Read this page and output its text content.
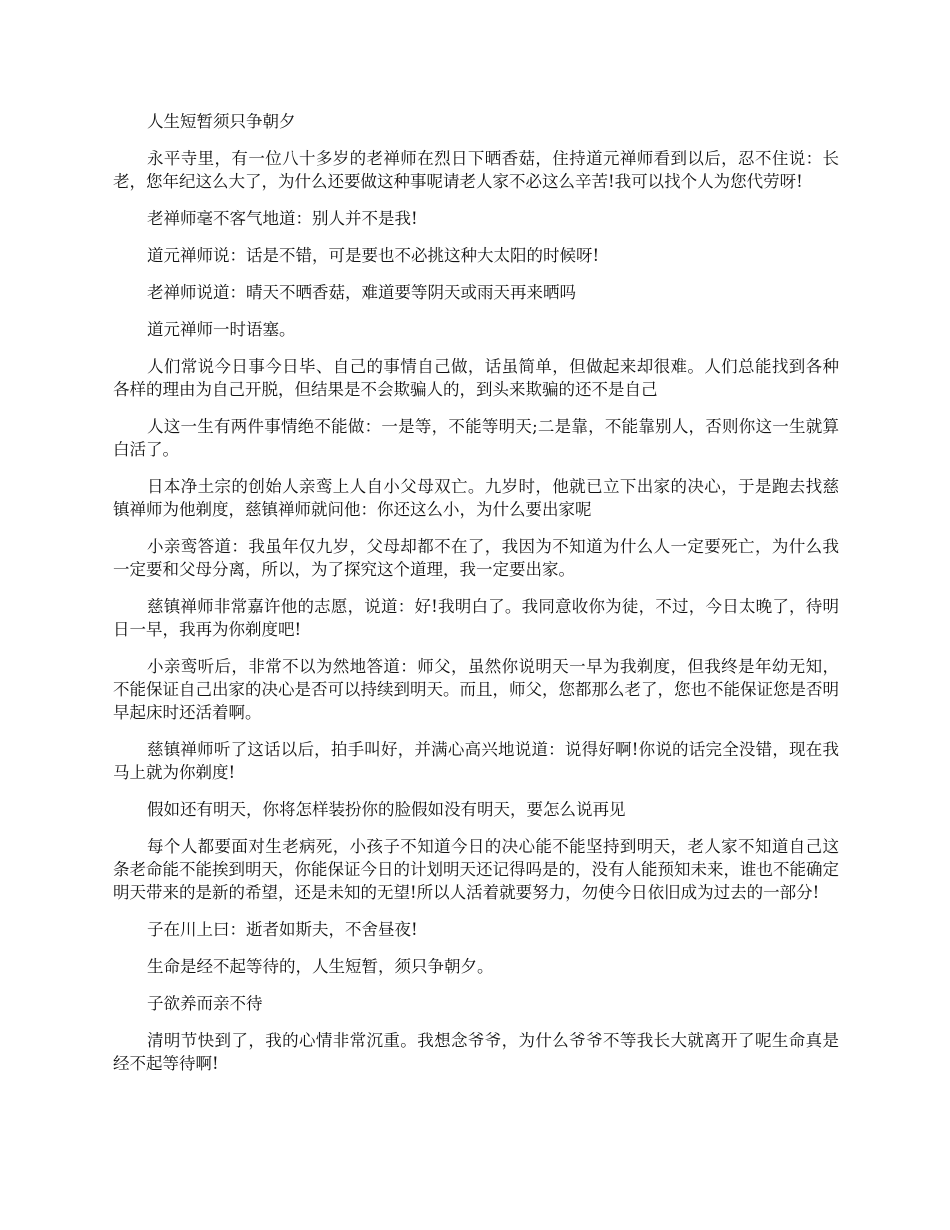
人生短暂须只争朝夕

永平寺里，有一位八十多岁的老禅师在烈日下晒香菇，住持道元禅师看到以后，忍不住说：长老，您年纪这么大了，为什么还要做这种事呢请老人家不必这么辛苦!我可以找个人为您代劳呀!

老禅师毫不客气地道：别人并不是我!

道元禅师说：话是不错，可是要也不必挑这种大太阳的时候呀!

老禅师说道：晴天不晒香菇，难道要等阴天或雨天再来晒吗

道元禅师一时语塞。

人们常说今日事今日毕、自己的事情自己做，话虽简单，但做起来却很难。人们总能找到各种各样的理由为自己开脱，但结果是不会欺骗人的，到头来欺骗的还不是自己

人这一生有两件事情绝不能做：一是等，不能等明天;二是靠，不能靠别人，否则你这一生就算白活了。

日本净土宗的创始人亲鸾上人自小父母双亡。九岁时，他就已立下出家的决心，于是跑去找慈镇禅师为他剃度，慈镇禅师就问他：你还这么小，为什么要出家呢

小亲鸾答道：我虽年仅九岁，父母却都不在了，我因为不知道为什么人一定要死亡，为什么我一定要和父母分离，所以，为了探究这个道理，我一定要出家。

慈镇禅师非常嘉许他的志愿，说道：好!我明白了。我同意收你为徒，不过，今日太晚了，待明日一早，我再为你剃度吧!

小亲鸾听后，非常不以为然地答道：师父，虽然你说明天一早为我剃度，但我终是年幼无知，不能保证自己出家的决心是否可以持续到明天。而且，师父，您都那么老了，您也不能保证您是否明早起床时还活着啊。

慈镇禅师听了这话以后，拍手叫好，并满心高兴地说道：说得好啊!你说的话完全没错，现在我马上就为你剃度!

假如还有明天，你将怎样装扮你的脸假如没有明天，要怎么说再见

每个人都要面对生老病死，小孩子不知道今日的决心能不能坚持到明天，老人家不知道自己这条老命能不能挨到明天，你能保证今日的计划明天还记得吗是的，没有人能预知未来，谁也不能确定明天带来的是新的希望，还是未知的无望!所以人活着就要努力，勿使今日依旧成为过去的一部分!

子在川上曰：逝者如斯夫，不舍昼夜!

生命是经不起等待的，人生短暂，须只争朝夕。

子欲养而亲不待

清明节快到了，我的心情非常沉重。我想念爷爷，为什么爷爷不等我长大就离开了呢生命真是经不起等待啊!
